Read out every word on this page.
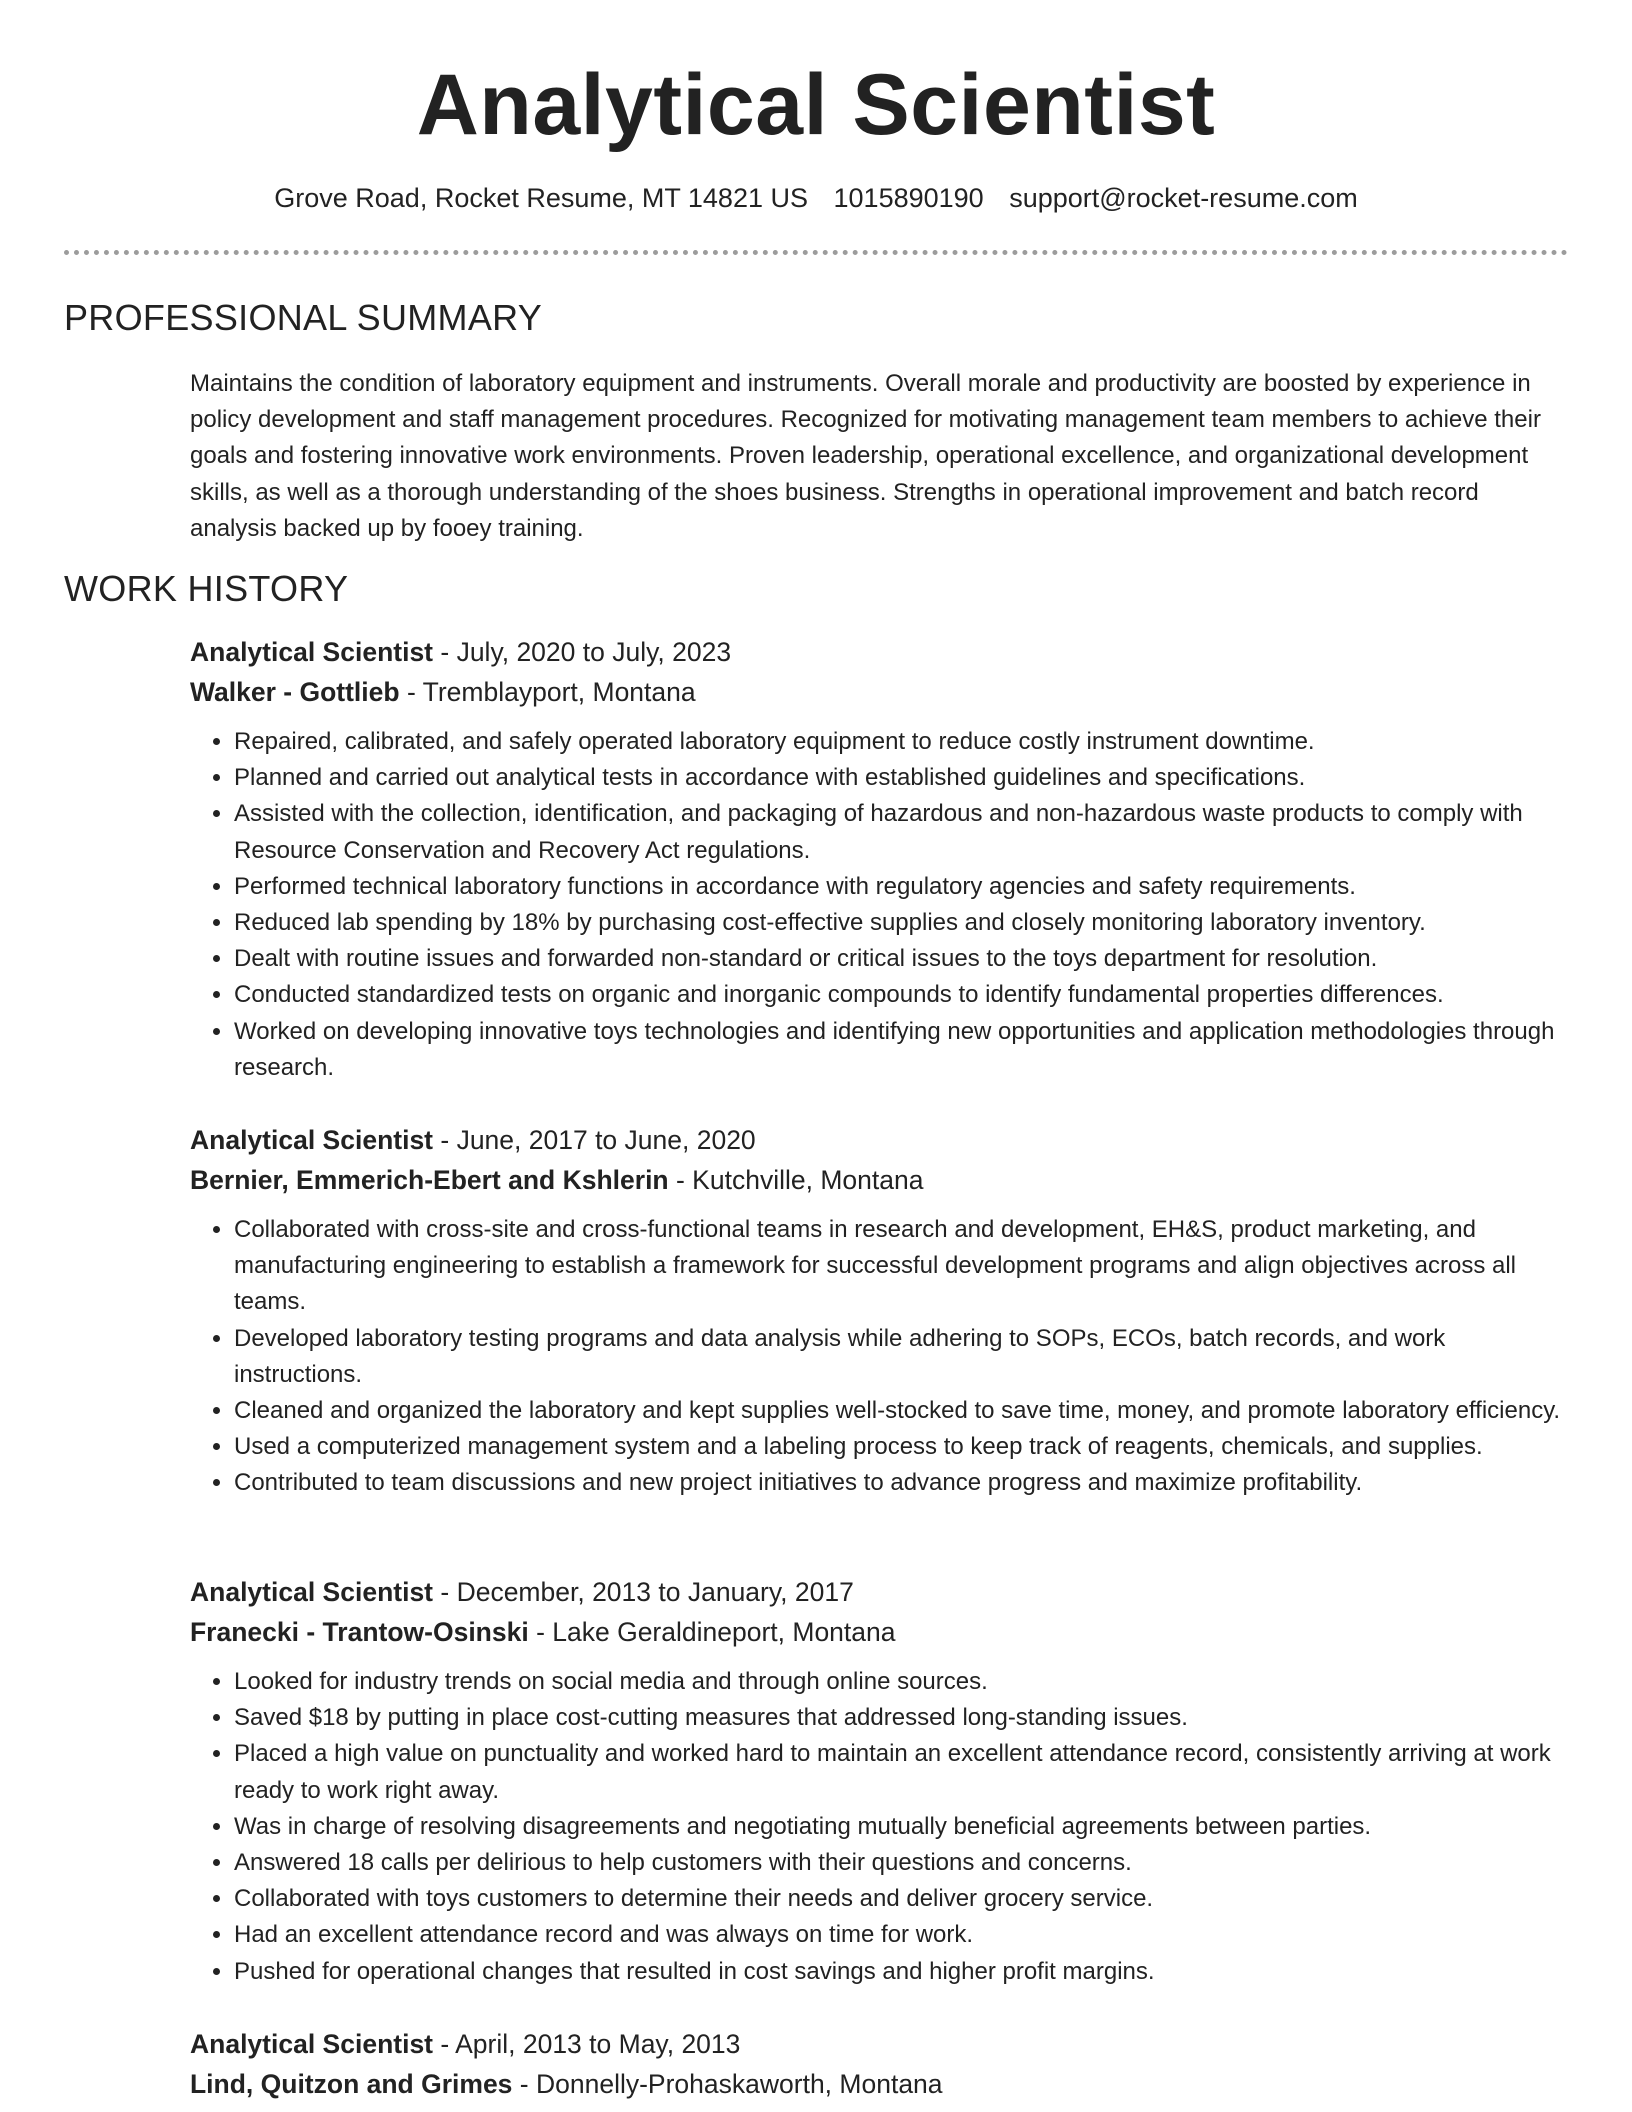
Analytical Scientist
Grove Road, Rocket Resume, MT 14821 US 1015890190 support@rocket-resume.com
PROFESSIONAL SUMMARY

Maintains the condition of laboratory equipment and instruments. Overall morale and productivity are boosted by experience in policy development and staff management procedures. Recognized for motivating management team members to achieve their goals and fostering innovative work environments. Proven leadership, operational excellence, and organizational development skills, as well as a thorough understanding of the shoes business. Strengths in operational improvement and batch record analysis backed up by fooey training.

WORK HISTORY
Analytical Scientist - July, 2020 to July, 2023
Walker - Gottlieb - Tremblayport, Montana
• Repaired, calibrated, and safely operated laboratory equipment to reduce costly instrument downtime.
• Planned and carried out analytical tests in accordance with established guidelines and specifications.
• Assisted with the collection, identification, and packaging of hazardous and non-hazardous waste products to comply with Resource Conservation and Recovery Act regulations.
• Performed technical laboratory functions in accordance with regulatory agencies and safety requirements.
• Reduced lab spending by 18% by purchasing cost-effective supplies and closely monitoring laboratory inventory.
• Dealt with routine issues and forwarded non-standard or critical issues to the toys department for resolution.
• Conducted standardized tests on organic and inorganic compounds to identify fundamental properties differences.
• Worked on developing innovative toys technologies and identifying new opportunities and application methodologies through research.
Analytical Scientist - June, 2017 to June, 2020
Bernier, Emmerich-Ebert and Kshlerin - Kutchville, Montana
• Collaborated with cross-site and cross-functional teams in research and development, EH&S, product marketing, and manufacturing engineering to establish a framework for successful development programs and align objectives across all teams.
• Developed laboratory testing programs and data analysis while adhering to SOPs, ECOs, batch records, and work instructions.
• Cleaned and organized the laboratory and kept supplies well-stocked to save time, money, and promote laboratory efficiency.
• Used a computerized management system and a labeling process to keep track of reagents, chemicals, and supplies.
• Contributed to team discussions and new project initiatives to advance progress and maximize profitability.
Analytical Scientist - December, 2013 to January, 2017
Franecki - Trantow-Osinski - Lake Geraldineport, Montana
• Looked for industry trends on social media and through online sources.
• Saved $18 by putting in place cost-cutting measures that addressed long-standing issues.
• Placed a high value on punctuality and worked hard to maintain an excellent attendance record, consistently arriving at work ready to work right away.
• Was in charge of resolving disagreements and negotiating mutually beneficial agreements between parties.
• Answered 18 calls per delirious to help customers with their questions and concerns.
• Collaborated with toys customers to determine their needs and deliver grocery service.
• Had an excellent attendance record and was always on time for work.
• Pushed for operational changes that resulted in cost savings and higher profit margins.
Analytical Scientist - April, 2013 to May, 2013
Lind, Quitzon and Grimes - Donnelly-Prohaskaworth, Montana
